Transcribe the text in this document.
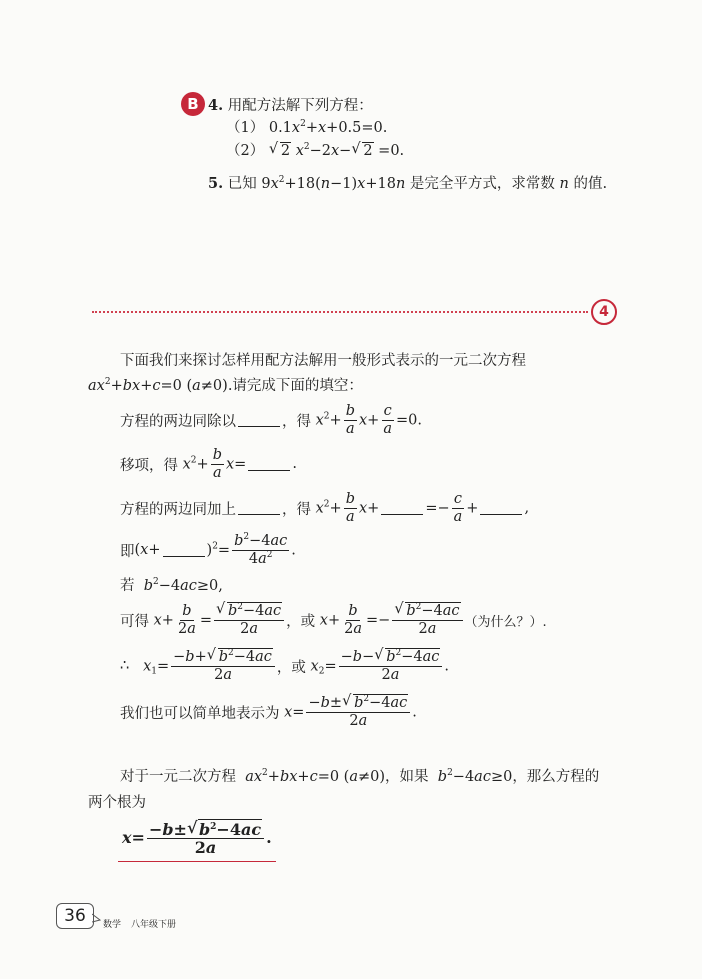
B 4. 用配方法解下列方程：
（1） $0.1x^2+x+0.5=0$.
（2） √ 2 $x^2-2x-√$ 2 =0.
5. 已知 $9x^2+18(n-1)x+18n$ 是完全平方式，求常数 n 的值.
4
下面我们来探讨怎样用配方法解用一般形式表示的一元二次方程
$ax^2+bx+c=0$ (a≠0).请完成下面的填空：
方程的两边同除以	，得 $x^2+ \frac{b}{a} x+ \frac{c}{a} =0$.
移项，得 $x^2+ \frac{b}{a} x=$	.
方程的两边同加上	，得 $x^2+ \frac{b}{a} x+$	=− $\frac{c}{a}$ +	,
即 (x+	)$^2= \frac{b^2-4ac}{4a^2}$ .
若 $b^2-4ac\ge 0$,
可得 $x+ \frac{b}{2a}$ =
√ $\frac{b^2-4ac}{2a}$ ，或 $x+ \frac{b}{2a}$ =−
√ $\frac{b^2-4ac}{2a}$ （为什么？）.
∴ $x_1= \frac{-b+√ b^2-4ac}{2a}$ ，或 $x_2= \frac{-b-√ b^2-4ac}{2a}$ .
我们也可以简单地表示为 $x= \frac{-b\pm√ b^2-4ac}{2a}$ .
对于一元二次方程 $ax^2+bx+c=0$ (a≠0)，如果 $b^2-4ac\ge 0$，那么方程的
两个根为
$x= \frac{-b\pm√ b^2-4ac}{2a}$ .
36	数学 八年级下册
